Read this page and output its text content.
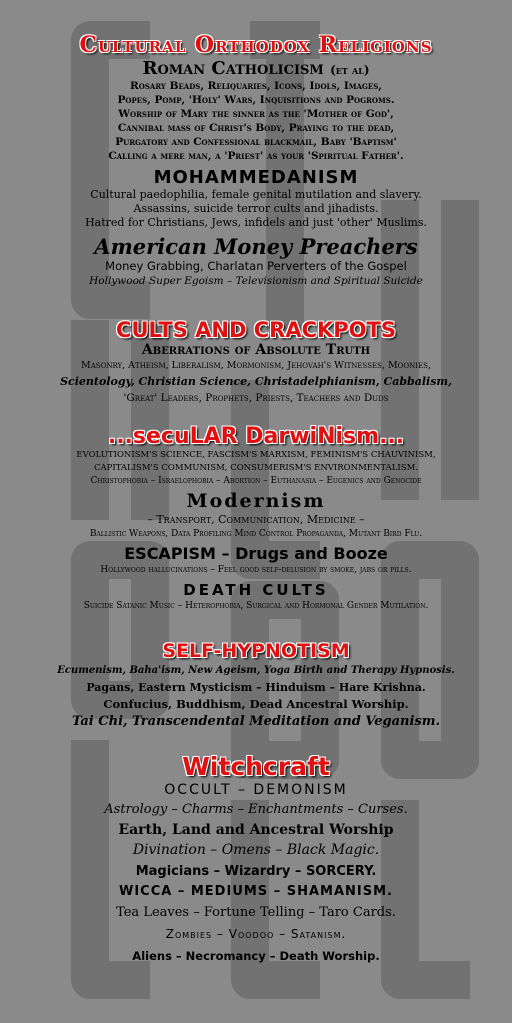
Cultural Orthodox Religions
Roman Catholicism (et al)
Rosary Beads, Reliquaries, Icons, Idols, Images,
Popes, Pomp, 'Holy' Wars, Inquisitions and Pogroms.
Worship of Mary the sinner as the 'Mother of God',
Cannibal mass of Christ's Body, Praying to the dead,
Purgatory and Confessional blackmail, Baby 'Baptism'
Calling a mere man, a 'Priest' as your 'Spiritual Father'.
MOHAMMEDANISM
Cultural paedophilia, female genital mutilation and slavery.
Assassins, suicide terror cults and jihadists.
Hatred for Christians, Jews, infidels and just 'other' Muslims.
American Money Preachers
Money Grabbing, Charlatan Perverters of the Gospel
Hollywood Super Egoism – Televisionism and Spiritual Suicide
CULTS AND CRACKPOTS
Aberrations of Absolute Truth
Masonry, Atheism, Liberalism, Mormonism, Jehovah's Witnesses, Moonies,
Scientology, Christian Science, Christadelphianism, Cabbalism,
'Great' Leaders, Prophets, Priests, Teachers and Duds
...secuLAR DarwiNism...
EVOLUTIONISM'S SCIENCE, FASCISM'S MARXISM, FEMINISM'S CHAUVINISM,
CAPITALISM'S COMMUNISM, CONSUMERISM'S ENVIRONMENTALISM.
Christophobia – Israelophobia – Abortion – Euthanasia – Eugenics and Genocide
Modernism
– Transport, Communication, Medicine –
Ballistic Weapons, Data Profiling Mind Control Propaganda, Mutant Bird Flu.
ESCAPISM – Drugs and Booze
Hollywood hallucinations – Feel good self-delusion by smoke, jabs or pills.
DEATH CULTS
Suicide Satanic Music – Heterophobia, Surgical and Hormonal Gender Mutilation.
SELF-HYPNOTISM
Ecumenism, Baha'ism, New Ageism, Yoga Birth and Therapy Hypnosis.
Pagans, Eastern Mysticism – Hinduism – Hare Krishna.
Confucius, Buddhism, Dead Ancestral Worship.
Tai Chi, Transcendental Meditation and Veganism.
Witchcraft
OCCULT – DEMONISM
Astrology – Charms – Enchantments – Curses.
Earth, Land and Ancestral Worship
Divination – Omens – Black Magic.
Magicians – Wizardry – SORCERY.
WICCA – MEDIUMS – SHAMANISM.
Tea Leaves – Fortune Telling – Taro Cards.
Zombies – Voodoo – Satanism.
Aliens – Necromancy – Death Worship.
